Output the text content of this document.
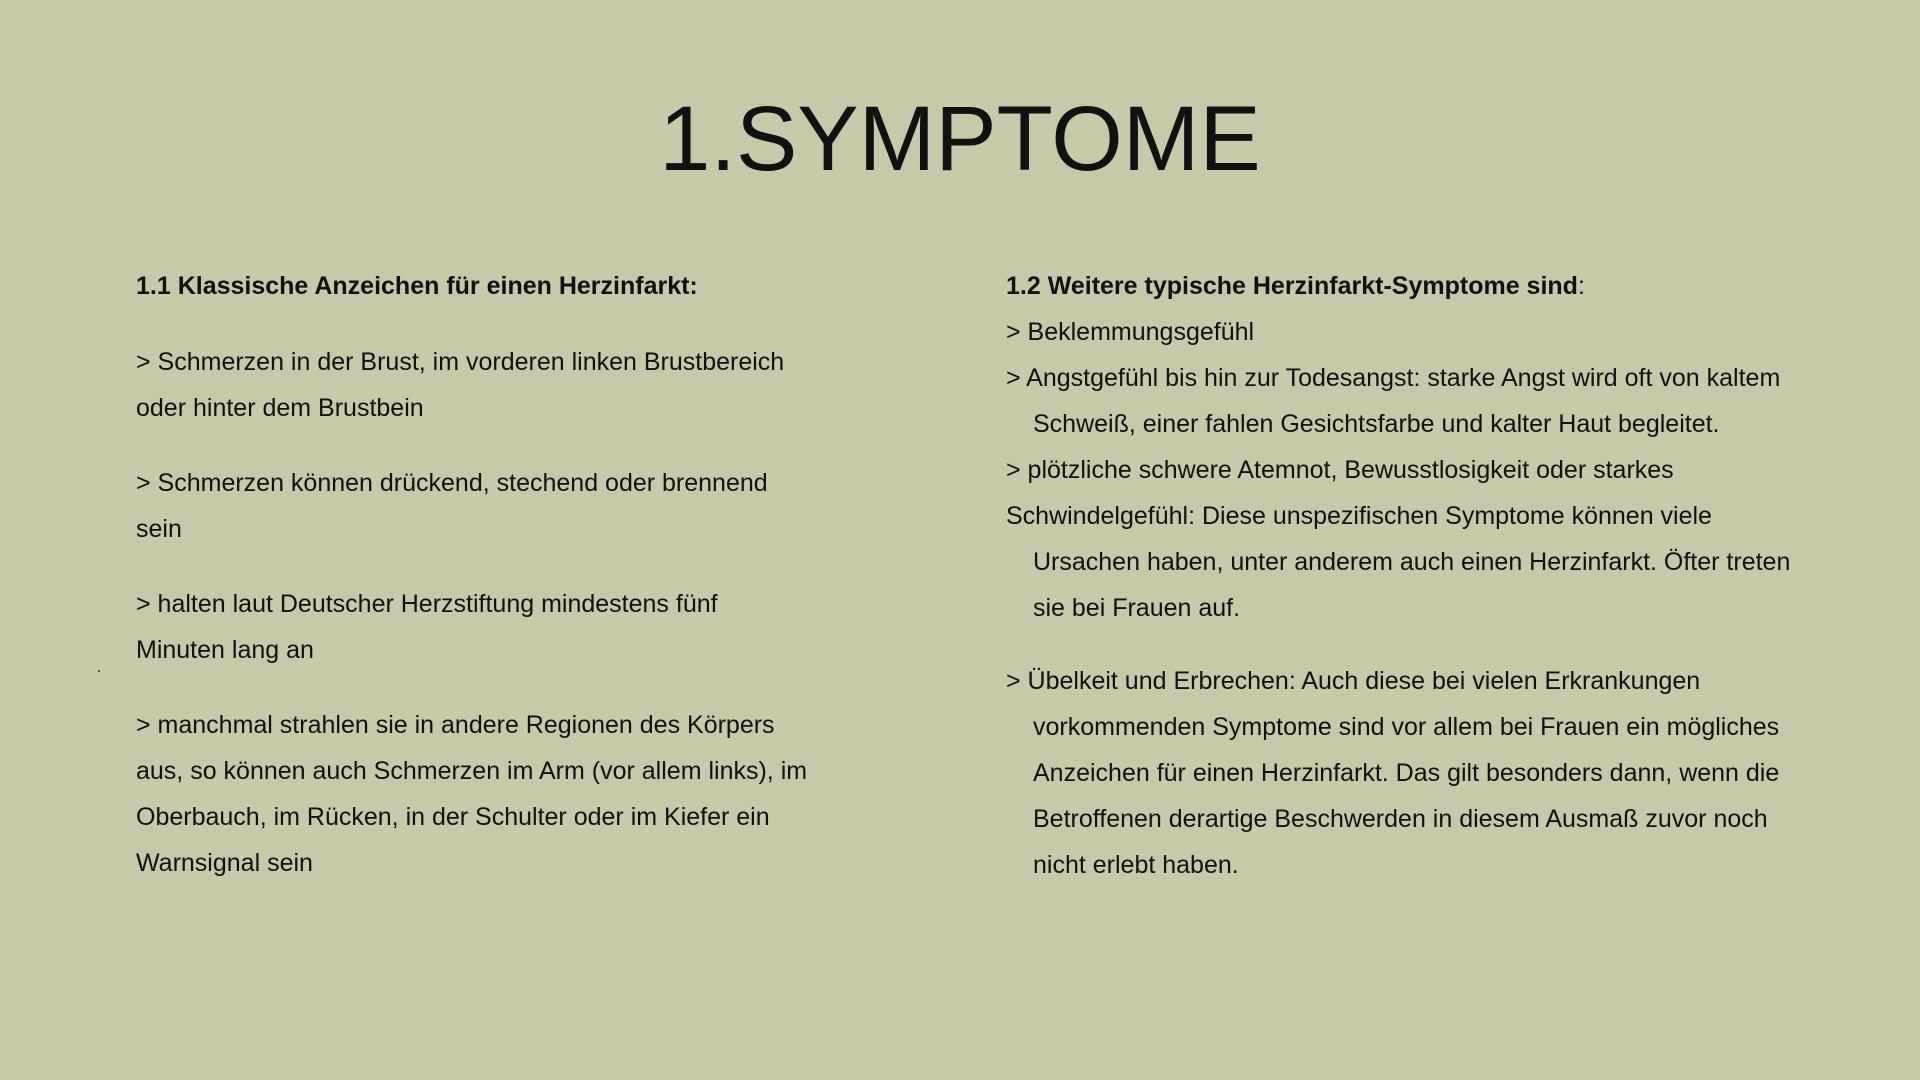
1.SYMPTOME

1.1 Klassische Anzeichen für einen Herzinfarkt:

> Schmerzen in der Brust, im vorderen linken Brustbereich
oder hinter dem Brustbein
> Schmerzen können drückend, stechend oder brennend
sein
> halten laut Deutscher Herzstiftung mindestens fünf
Minuten lang an
> manchmal strahlen sie in andere Regionen des Körpers
aus, so können auch Schmerzen im Arm (vor allem links), im
Oberbauch, im Rücken, in der Schulter oder im Kiefer ein
Warnsignal sein

1.2 Weitere typische Herzinfarkt-Symptome sind:

> Beklemmungsgefühl
> Angstgefühl bis hin zur Todesangst: starke Angst wird oft von kaltem
Schweiß, einer fahlen Gesichtsfarbe und kalter Haut begleitet.
> plötzliche schwere Atemnot, Bewusstlosigkeit oder starkes
Schwindelgefühl: Diese unspezifischen Symptome können viele
Ursachen haben, unter anderem auch einen Herzinfarkt. Öfter treten
sie bei Frauen auf.
> Übelkeit und Erbrechen: Auch diese bei vielen Erkrankungen
vorkommenden Symptome sind vor allem bei Frauen ein mögliches
Anzeichen für einen Herzinfarkt. Das gilt besonders dann, wenn die
Betroffenen derartige Beschwerden in diesem Ausmaß zuvor noch
nicht erlebt haben.
